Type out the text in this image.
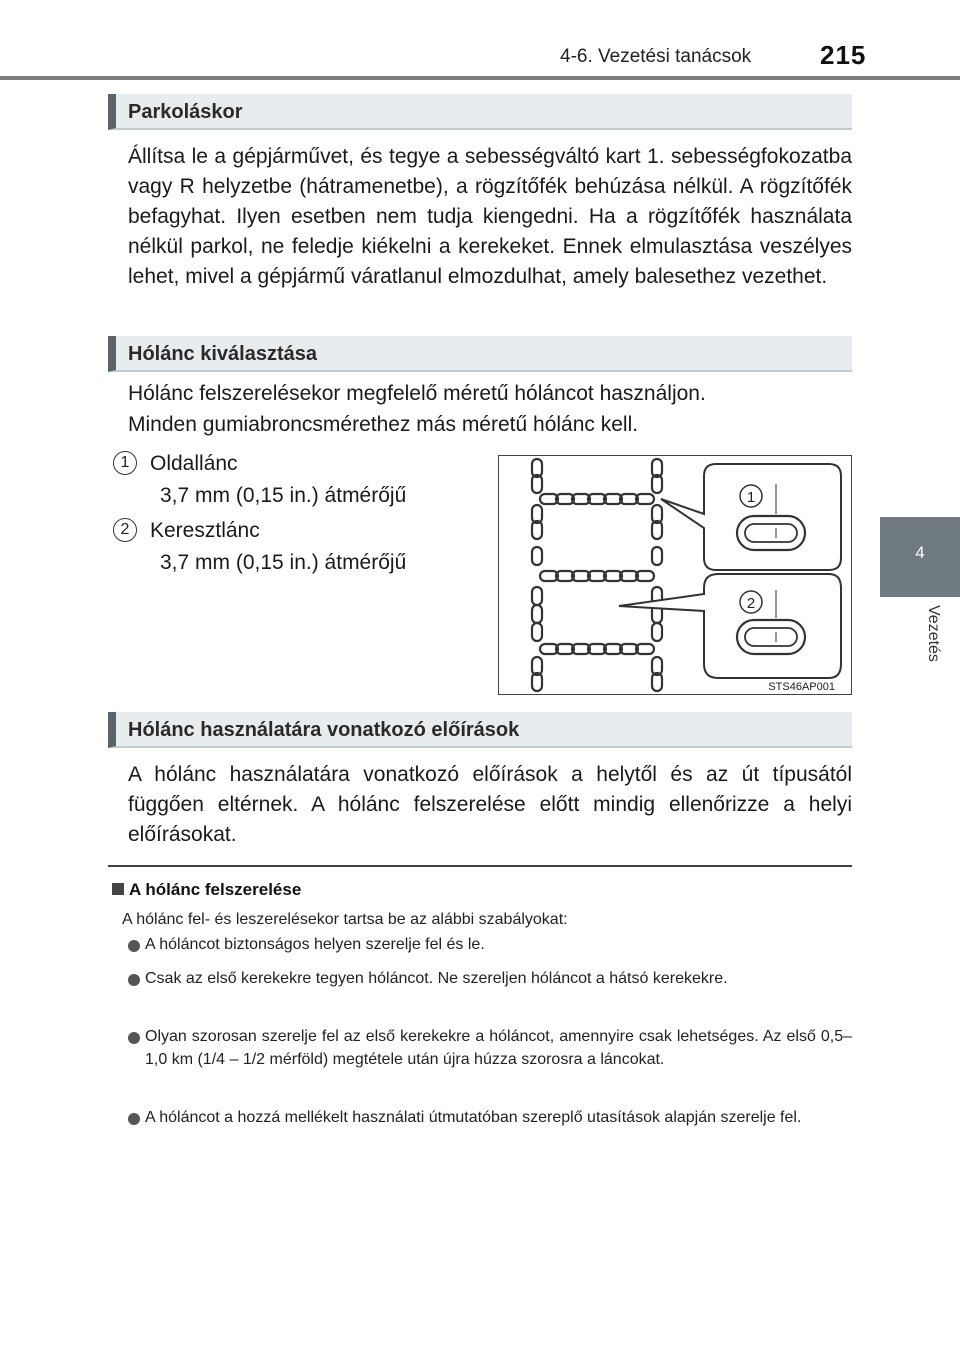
4-6. Vezetési tanácsok	215
4
Vezetés
Parkoláskor
Állítsa le a gépjárművet, és tegye a sebességváltó kart 1. sebességfokozatba vagy R helyzetbe (hátramenetbe), a rögzítőfék behúzása nélkül. A rögzítőfék befagyhat. Ilyen esetben nem tudja kiengedni. Ha a rögzítőfék használata nélkül parkol, ne feledje kiékelni a kerekeket. Ennek elmulasztása veszélyes lehet, mivel a gépjármű váratlanul elmozdulhat, amely balesethez vezethet.
Hólánc kiválasztása
Hólánc felszerelésekor megfelelő méretű hóláncot használjon.
Minden gumiabroncsmérethez más méretű hólánc kell.
1 Oldallánc
3,7 mm (0,15 in.) átmérőjű
2 Keresztlánc
3,7 mm (0,15 in.) átmérőjű
1
2
STS46AP001
Hólánc használatára vonatkozó előírások
A hólánc használatára vonatkozó előírások a helytől és az út típusától függően eltérnek. A hólánc felszerelése előtt mindig ellenőrizze a helyi előírásokat.
A hólánc felszerelése
A hólánc fel- és leszerelésekor tartsa be az alábbi szabályokat:
A hóláncot biztonságos helyen szerelje fel és le.
Csak az első kerekekre tegyen hóláncot. Ne szereljen hóláncot a hátsó kerekekre.
Olyan szorosan szerelje fel az első kerekekre a hóláncot, amennyire csak lehetséges. Az első 0,5–1,0 km (1/4 – 1/2 mérföld) megtétele után újra húzza szorosra a láncokat.
A hóláncot a hozzá mellékelt használati útmutatóban szereplő utasítások alapján szerelje fel.
